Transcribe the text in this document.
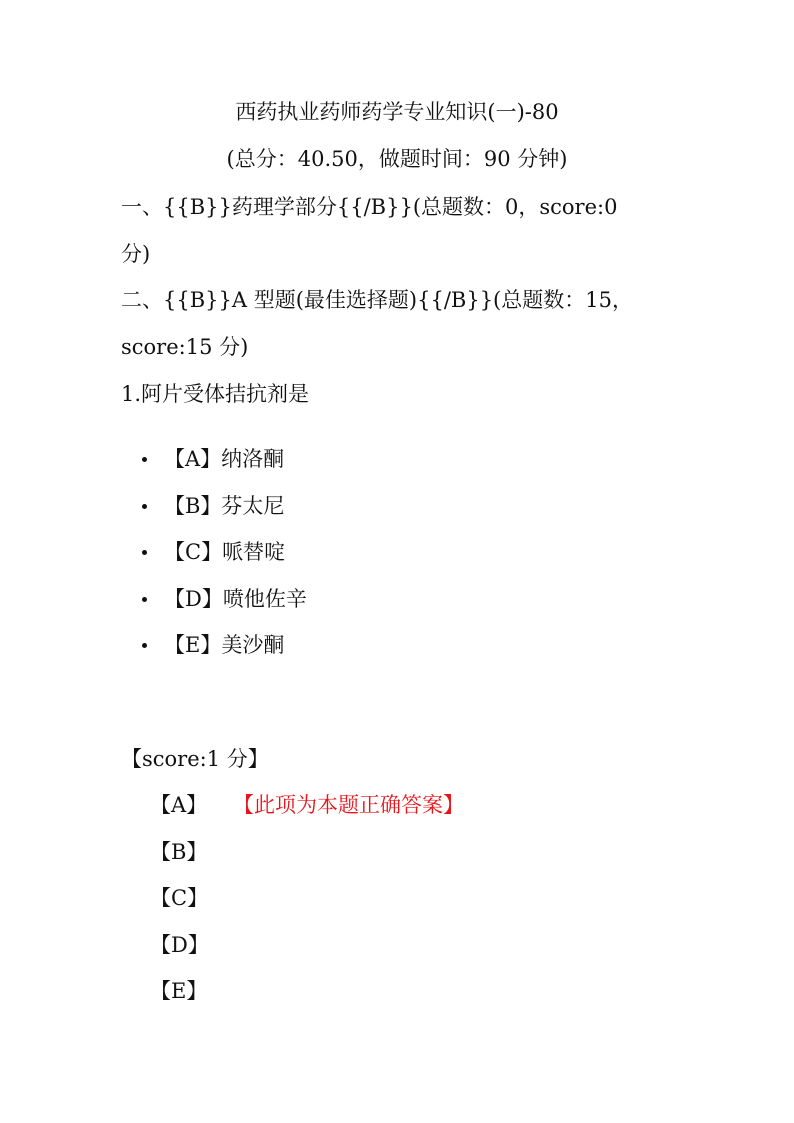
西药执业药师药学专业知识(一)-80
(总分：40.50，做题时间：90 分钟)
一、{{B}}药理学部分{{/B}}(总题数：0，score:0
分)
二、{{B}}A 型题(最佳选择题){{/B}}(总题数：15，
score:15 分)
1.阿片受体拮抗剂是
【A】纳洛酮
【B】芬太尼
【C】哌替啶
【D】喷他佐辛
【E】美沙酮
【score:1 分】
【A】 【此项为本题正确答案】
【B】
【C】
【D】
【E】
